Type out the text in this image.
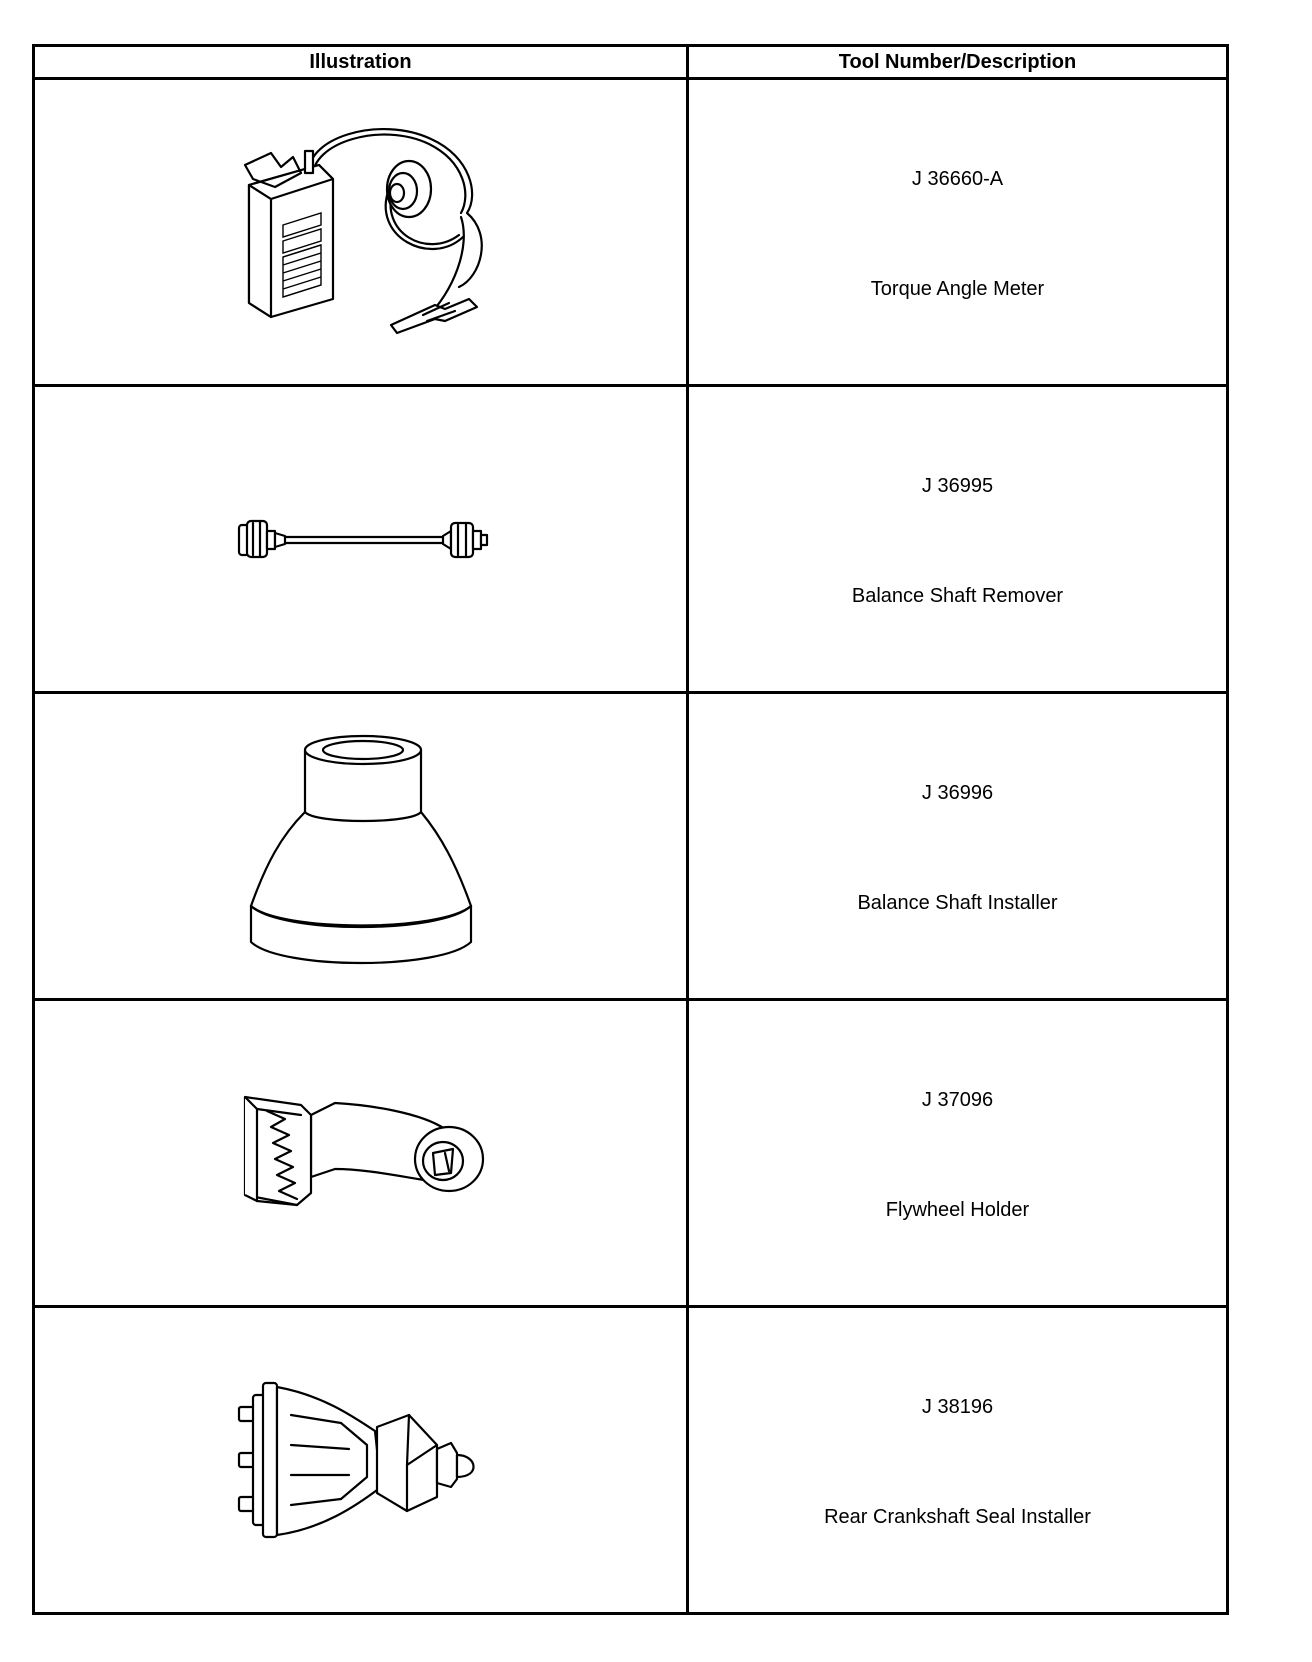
Illustration	Tool Number/Description

J 36660-A
Torque Angle Meter

J 36995
Balance Shaft Remover

J 36996
Balance Shaft Installer

J 37096
Flywheel Holder

J 38196
Rear Crankshaft Seal Installer
